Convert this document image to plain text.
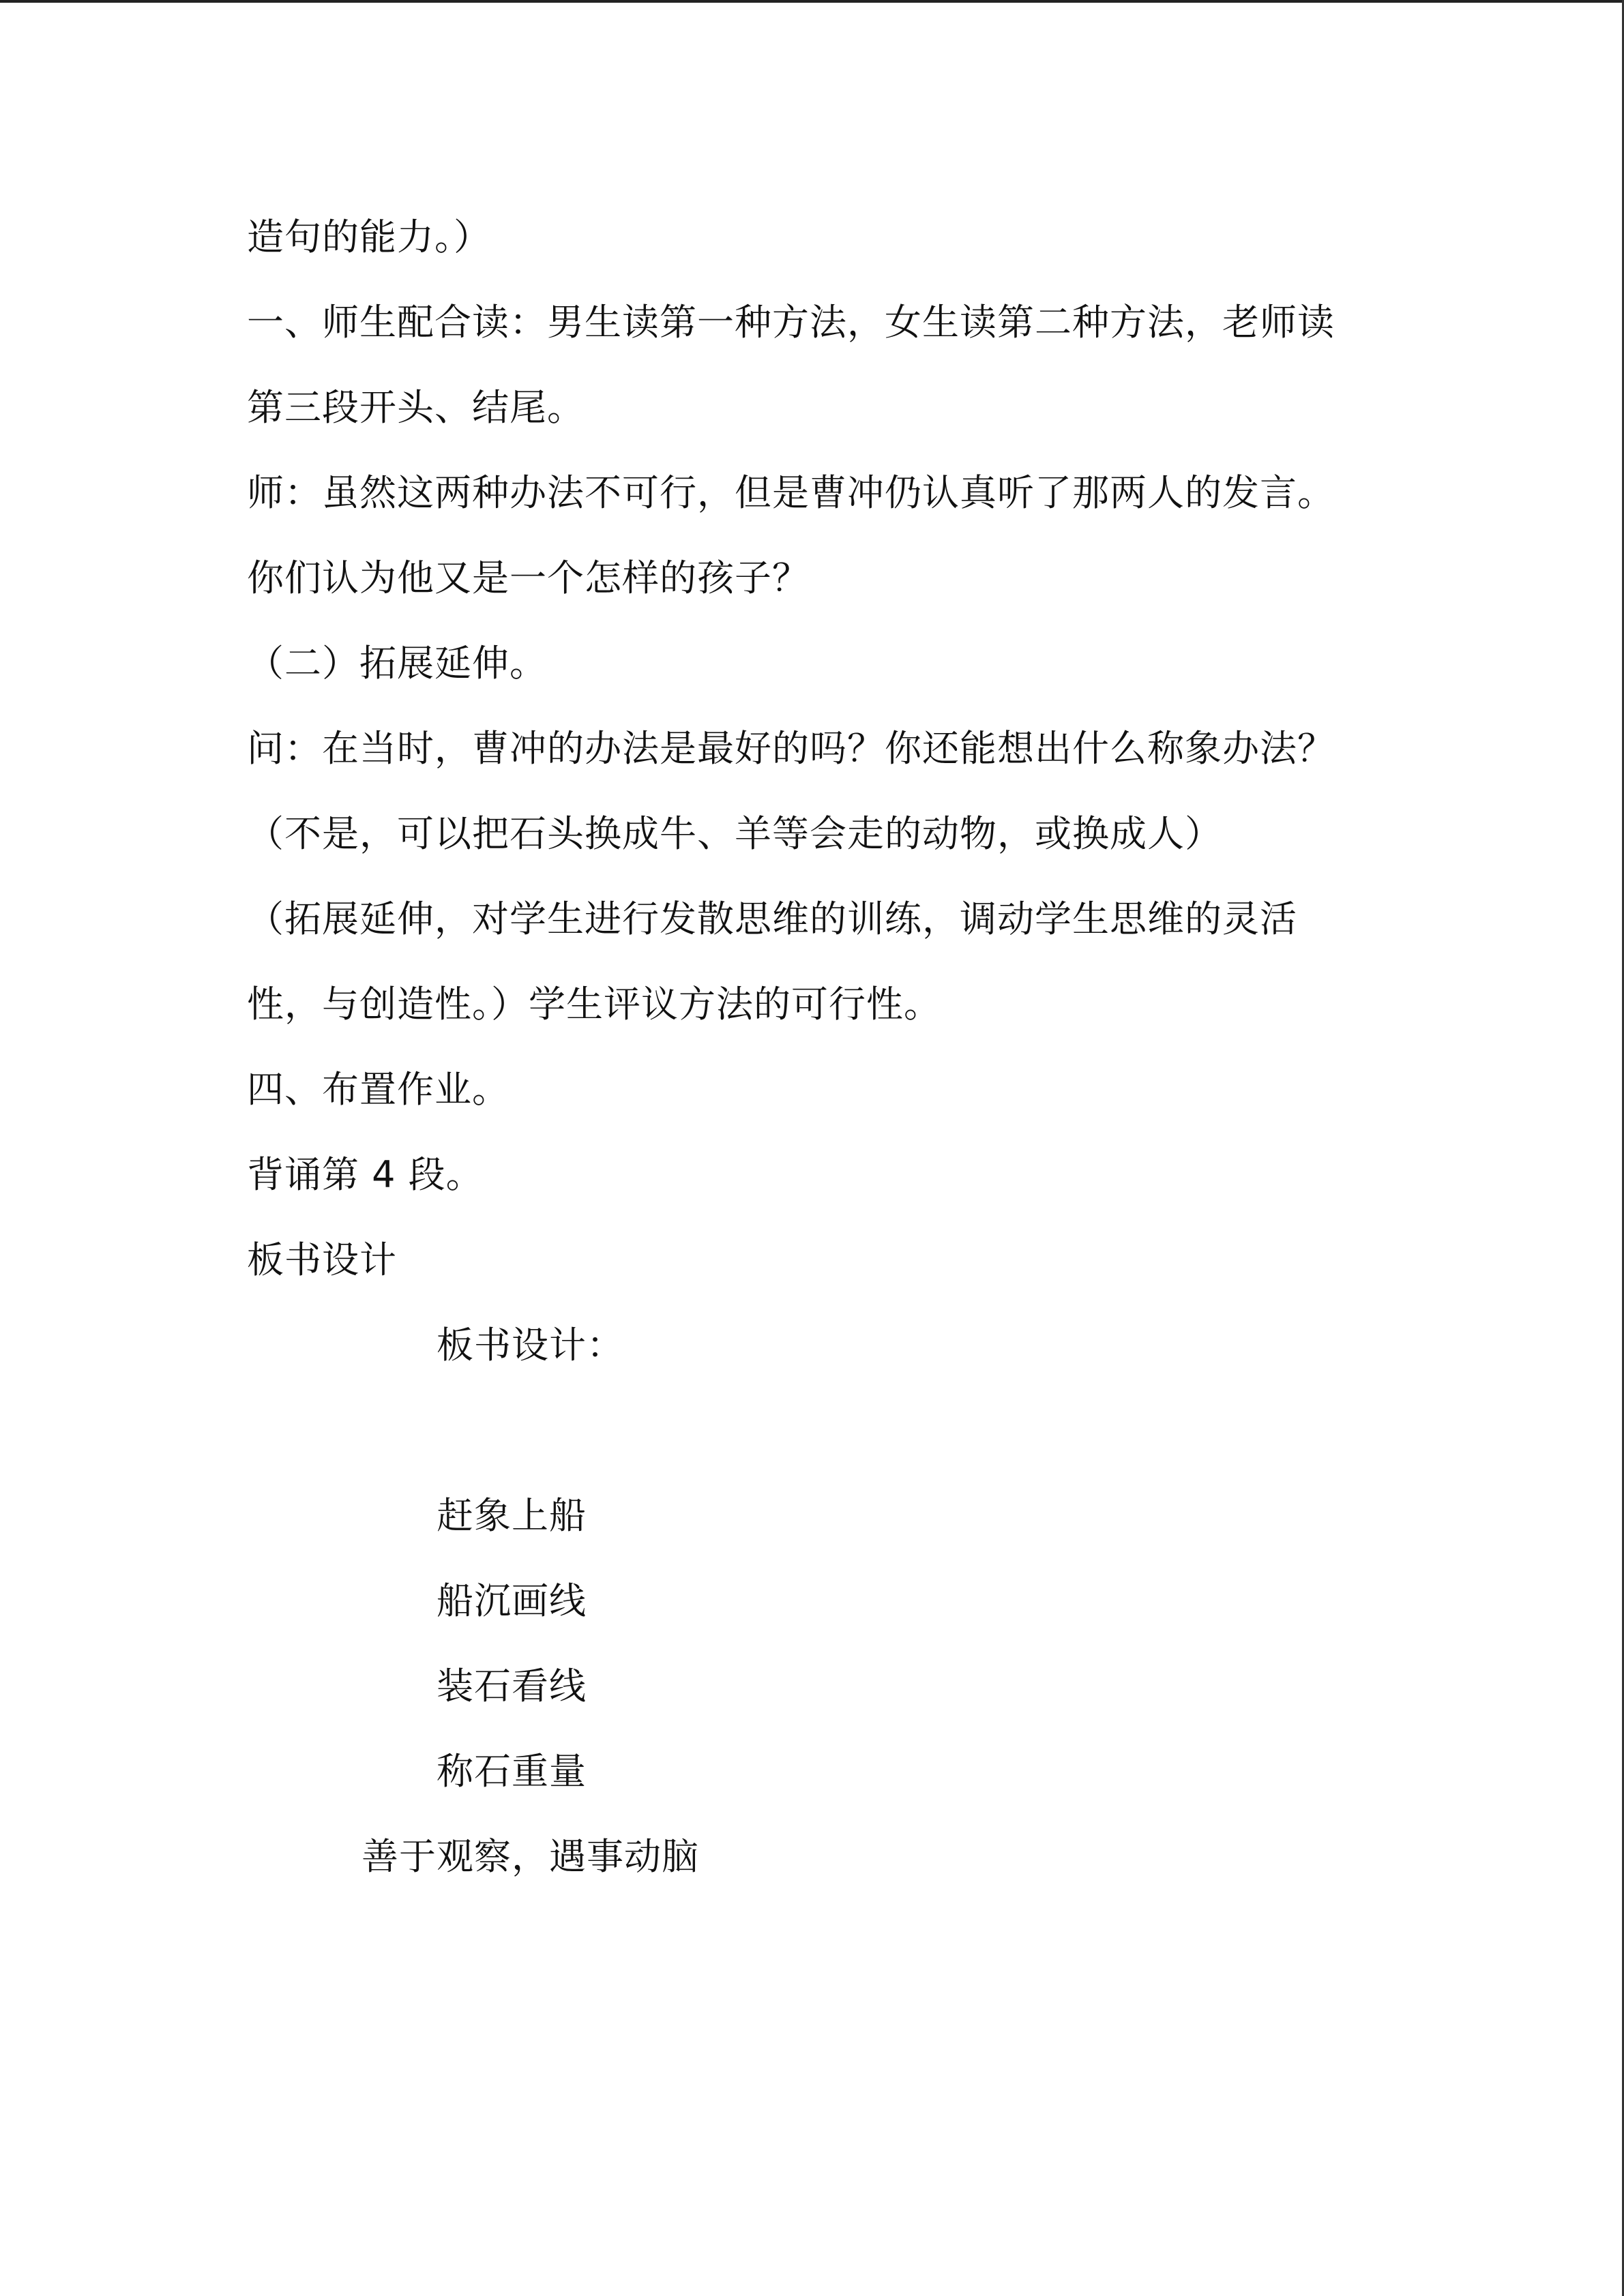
造句的能力。）
一、师生配合读：男生读第一种方法，女生读第二种方法，老师读
第三段开头、结尾。
师：虽然这两种办法不可行，但是曹冲仍认真听了那两人的发言。
你们认为他又是一个怎样的孩子？
（二）拓展延伸。
问：在当时，曹冲的办法是最好的吗？你还能想出什么称象办法？
（不是，可以把石头换成牛、羊等会走的动物，或换成人）
（拓展延伸，对学生进行发散思维的训练，调动学生思维的灵活
性，与创造性。）学生评议方法的可行性。
四、布置作业。
背诵第 4 段。
板书设计
板书设计：
赶象上船
船沉画线
装石看线
称石重量
善于观察，遇事动脑
